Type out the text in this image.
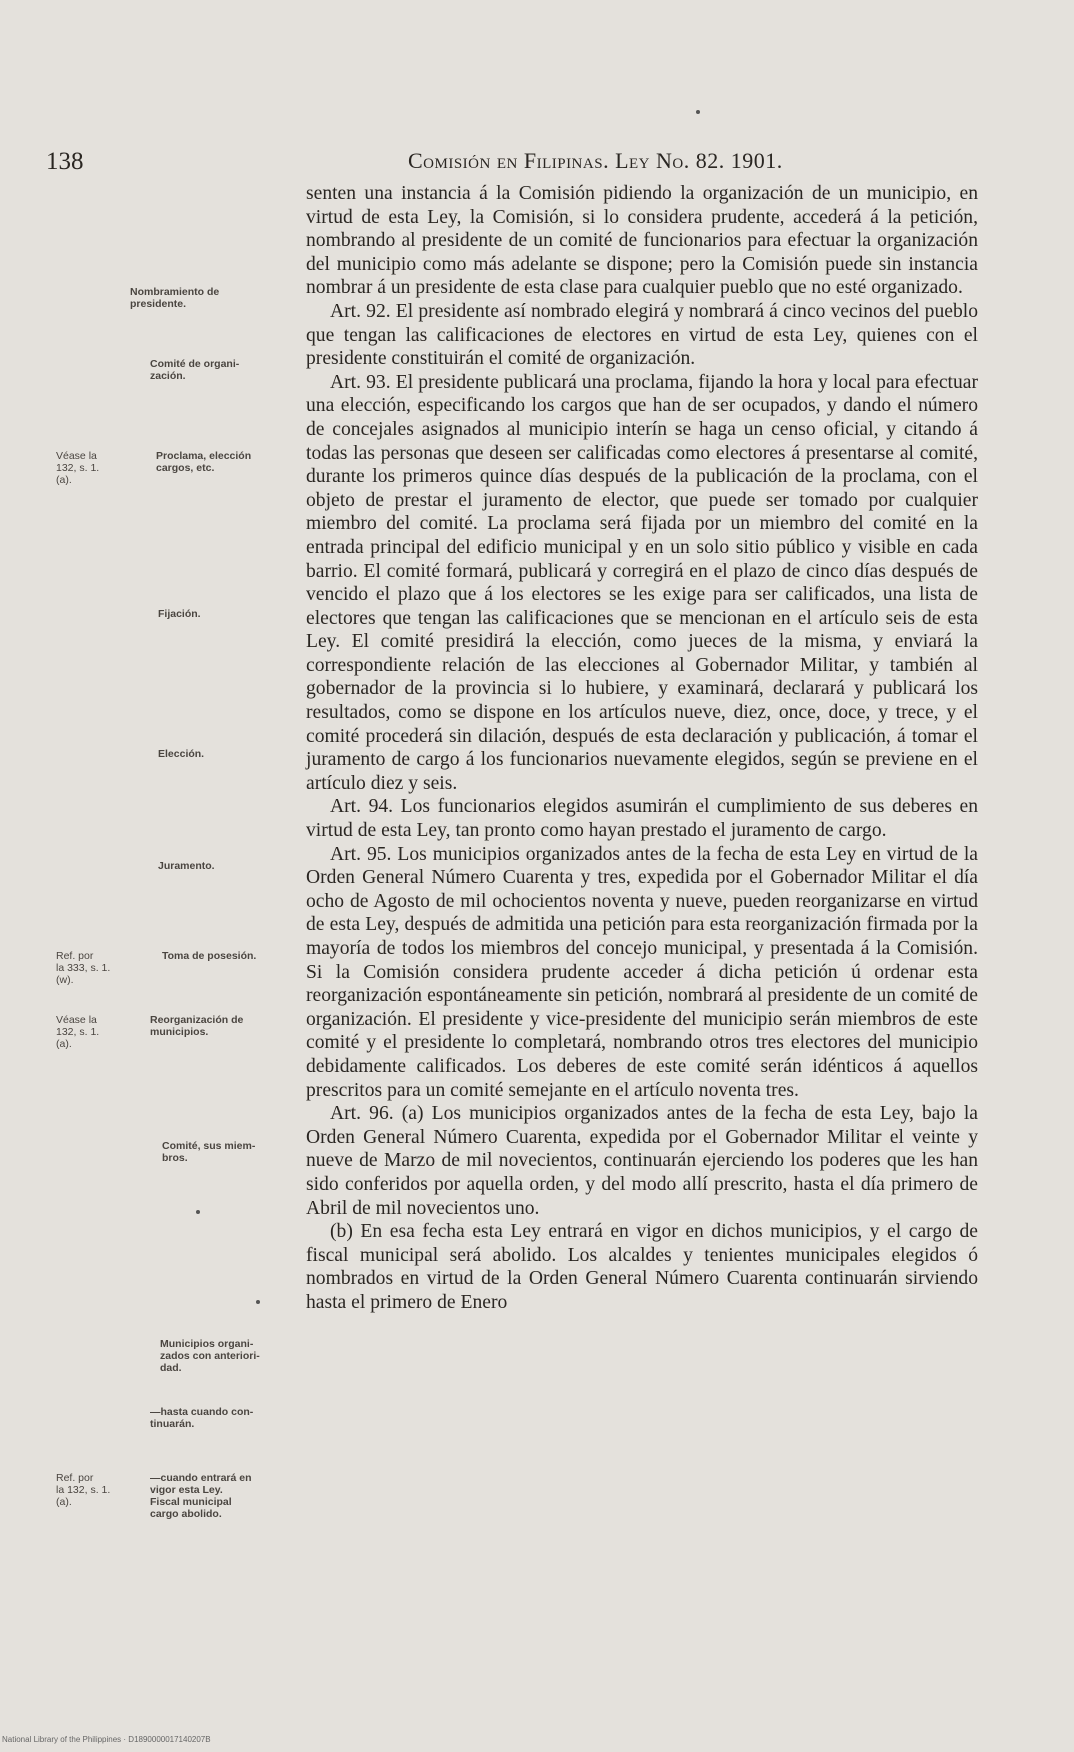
138	Comisión en Filipinas. Ley No. 82. 1901.
Nombramiento de
presidente.
Comité de organi-
zación.
Proclama, elección
cargos, etc.
Fijación.
Elección.
Juramento.
Toma de posesión.
Reorganización de
municipios.
Comité, sus miem-
bros.
Municipios organi-
zados con anteriori-
dad.
—hasta cuando con-
tinuarán.
—cuando entrará en
vigor esta Ley.
Fiscal municipal
cargo abolido.
Véase la
132, s. 1.
(a).
Ref. por
la 333, s. 1.
(w).
Véase la
132, s. 1.
(a).
Ref. por
la 132, s. 1.
(a).

senten una instancia á la Comisión pidiendo la organización de un municipio, en virtud de esta Ley, la Comisión, si lo considera prudente, accederá á la petición, nombrando al presidente de un comité de funcionarios para efectuar la organización del municipio como más adelante se dispone; pero la Comisión puede sin instancia nombrar á un presidente de esta clase para cualquier pueblo que no esté organizado.

Art. 92. El presidente así nombrado elegirá y nombrará á cinco vecinos del pueblo que tengan las calificaciones de electores en virtud de esta Ley, quienes con el presidente constituirán el comité de organización.

Art. 93. El presidente publicará una proclama, fijando la hora y local para efectuar una elección, especificando los cargos que han de ser ocupados, y dando el número de concejales asignados al municipio interín se haga un censo oficial, y citando á todas las personas que deseen ser calificadas como electores á presentarse al comité, durante los primeros quince días después de la publicación de la proclama, con el objeto de prestar el juramento de elector, que puede ser tomado por cualquier miembro del comité. La proclama será fijada por un miembro del comité en la entrada principal del edificio municipal y en un solo sitio público y visible en cada barrio. El comité formará, publicará y corregirá en el plazo de cinco días después de vencido el plazo que á los electores se les exige para ser calificados, una lista de electores que tengan las calificaciones que se mencionan en el artículo seis de esta Ley. El comité presidirá la elección, como jueces de la misma, y enviará la correspondiente relación de las elecciones al Gobernador Militar, y también al gobernador de la provincia si lo hubiere, y examinará, declarará y publicará los resultados, como se dispone en los artículos nueve, diez, once, doce, y trece, y el comité procederá sin dilación, después de esta declaración y publicación, á tomar el juramento de cargo á los funcionarios nuevamente elegidos, según se previene en el artículo diez y seis.

Art. 94. Los funcionarios elegidos asumirán el cumplimiento de sus deberes en virtud de esta Ley, tan pronto como hayan prestado el juramento de cargo.

Art. 95. Los municipios organizados antes de la fecha de esta Ley en virtud de la Orden General Número Cuarenta y tres, expedida por el Gobernador Militar el día ocho de Agosto de mil ochocientos noventa y nueve, pueden reorganizarse en virtud de esta Ley, después de admitida una petición para esta reorganización firmada por la mayoría de todos los miembros del concejo municipal, y presentada á la Comisión. Si la Comisión considera prudente acceder á dicha petición ú ordenar esta reorganización espontáneamente sin petición, nombrará al presidente de un comité de organización. El presidente y vice-presidente del municipio serán miembros de este comité y el presidente lo completará, nombrando otros tres electores del municipio debidamente calificados. Los deberes de este comité serán idénticos á aquellos prescritos para un comité semejante en el artículo noventa tres.

Art. 96. (a) Los municipios organizados antes de la fecha de esta Ley, bajo la Orden General Número Cuarenta, expedida por el Gobernador Militar el veinte y nueve de Marzo de mil novecientos, continuarán ejerciendo los poderes que les han sido conferidos por aquella orden, y del modo allí prescrito, hasta el día primero de Abril de mil novecientos uno.

(b) En esa fecha esta Ley entrará en vigor en dichos municipios, y el cargo de fiscal municipal será abolido. Los alcaldes y tenientes municipales elegidos ó nombrados en virtud de la Orden General Número Cuarenta continuarán sirviendo hasta el primero de Enero

National Library of the Philippines · D1890000017140207B
